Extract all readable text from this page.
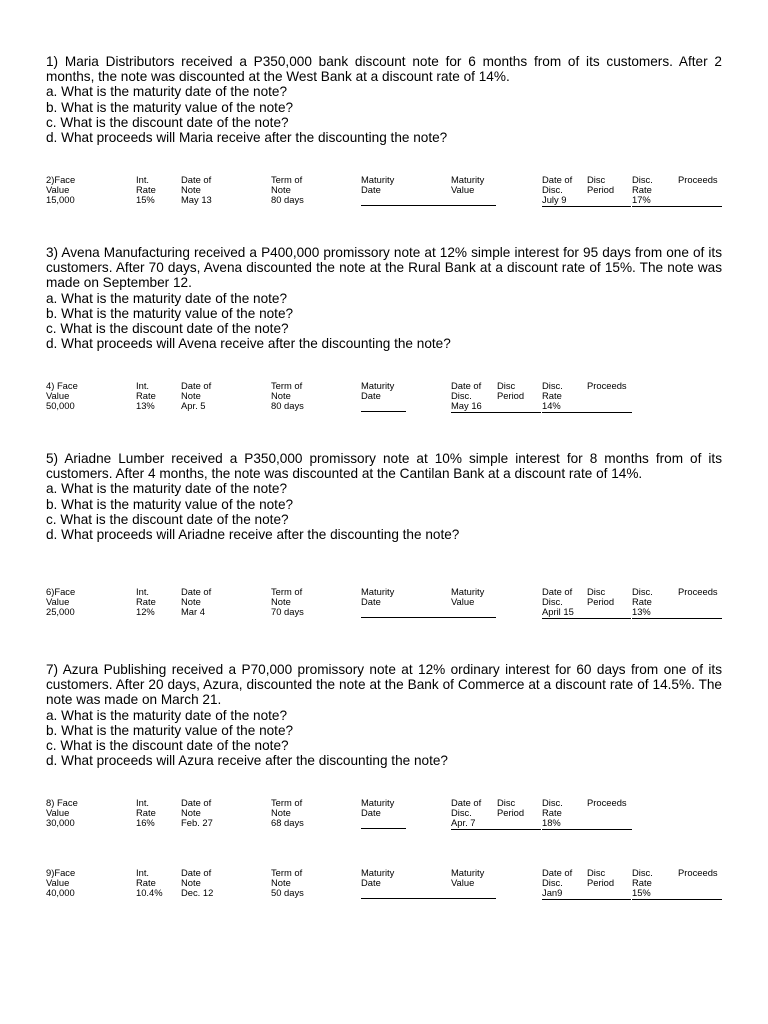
1) Maria Distributors received a P350,000 bank discount note for 6 months from of its customers. After 2 months, the note was discounted at the West Bank at a discount rate of 14%.

a. What is the maturity date of the note?

b. What is the maturity value of the note?

c. What is the discount date of the note?

d. What proceeds will Maria receive after the discounting the note?

2)Face
Value
15,000
Int.
Rate
15%
Date of
Note
May 13
Term of
Note
80 days
Maturity
Date
Maturity
Value
Date of
Disc.
July 9
Disc
Period
Disc.
Rate
17%
Proceeds

3) Avena Manufacturing received a P400,000 promissory note at 12% simple interest for 95 days from one of its customers. After 70 days, Avena discounted the note at the Rural Bank at a discount rate of 15%. The note was made on September 12.

a. What is the maturity date of the note?

b. What is the maturity value of the note?

c. What is the discount date of the note?

d. What proceeds will Avena receive after the discounting the note?

4) Face
Value
50,000
Int.
Rate
13%
Date of
Note
Apr. 5
Term of
Note
80 days
Maturity
Date
Date of
Disc.
May 16
Disc
Period
Disc.
Rate
14%
Proceeds

5) Ariadne Lumber received a P350,000 promissory note at 10% simple interest for 8 months from of its customers. After 4 months, the note was discounted at the Cantilan Bank at a discount rate of 14%.

a. What is the maturity date of the note?

b. What is the maturity value of the note?

c. What is the discount date of the note?

d. What proceeds will Ariadne receive after the discounting the note?

6)Face
Value
25,000
Int.
Rate
12%
Date of
Note
Mar 4
Term of
Note
70 days
Maturity
Date
Maturity
Value
Date of
Disc.
April 15
Disc
Period
Disc.
Rate
13%
Proceeds

7) Azura Publishing received a P70,000 promissory note at 12% ordinary interest for 60 days from one of its customers. After 20 days, Azura, discounted the note at the Bank of Commerce at a discount rate of 14.5%. The note was made on March 21.

a. What is the maturity date of the note?

b. What is the maturity value of the note?

c. What is the discount date of the note?

d. What proceeds will Azura receive after the discounting the note?

8) Face
Value
30,000
Int.
Rate
16%
Date of
Note
Feb. 27
Term of
Note
68 days
Maturity
Date
Date of
Disc.
Apr. 7
Disc
Period
Disc.
Rate
18%
Proceeds
9)Face
Value
40,000
Int.
Rate
10.4%
Date of
Note
Dec. 12
Term of
Note
50 days
Maturity
Date
Maturity
Value
Date of
Disc.
Jan9
Disc
Period
Disc.
Rate
15%
Proceeds
